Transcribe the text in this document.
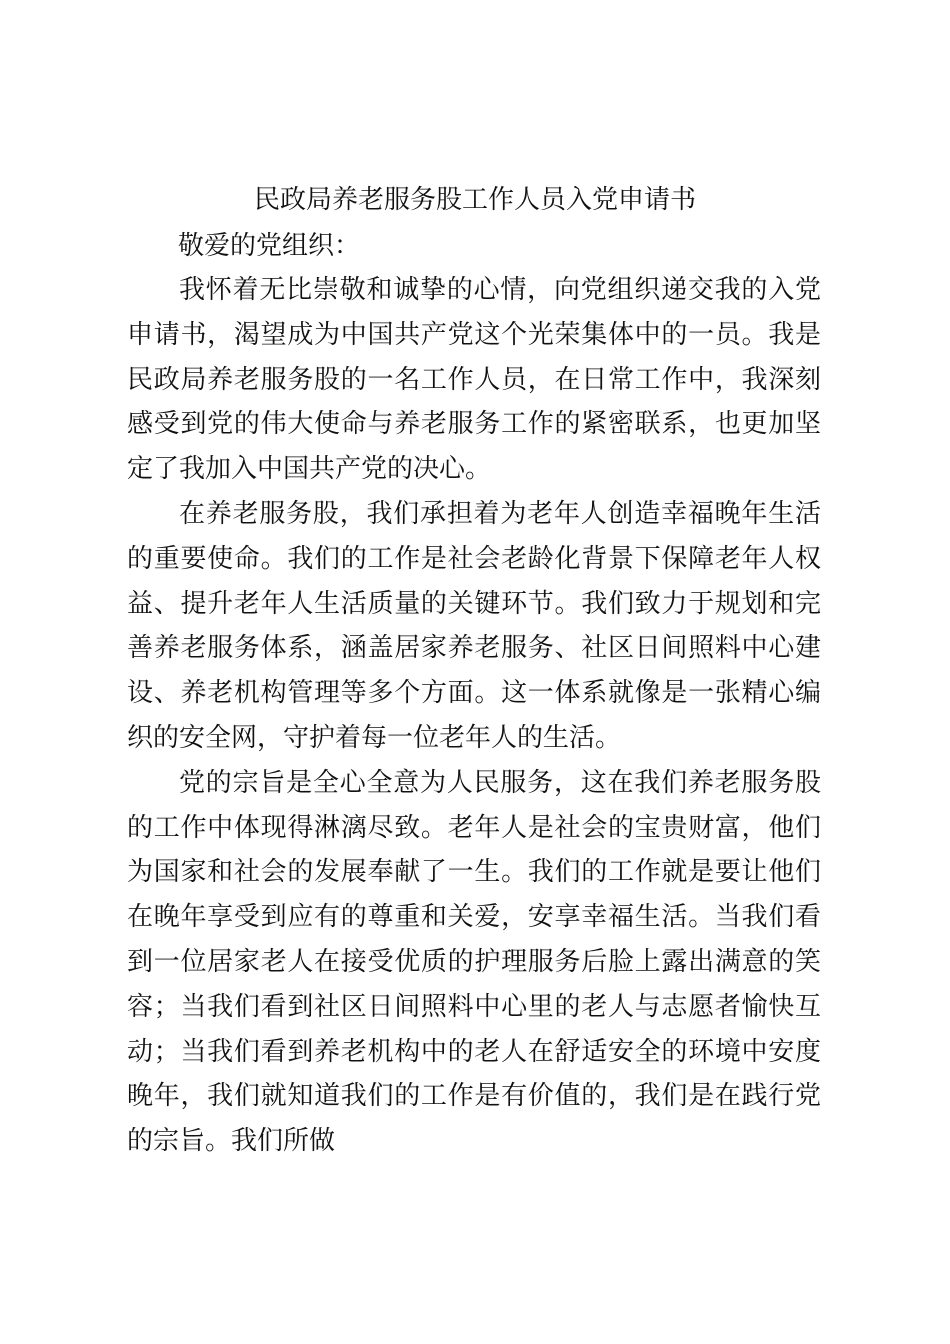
民政局养老服务股工作人员入党申请书

敬爱的党组织：

我怀着无比崇敬和诚挚的心情，向党组织递交我的入党申请书，渴望成为中国共产党这个光荣集体中的一员。我是民政局养老服务股的一名工作人员，在日常工作中，我深刻感受到党的伟大使命与养老服务工作的紧密联系，也更加坚定了我加入中国共产党的决心。

在养老服务股，我们承担着为老年人创造幸福晚年生活的重要使命。我们的工作是社会老龄化背景下保障老年人权益、提升老年人生活质量的关键环节。我们致力于规划和完善养老服务体系，涵盖居家养老服务、社区日间照料中心建设、养老机构管理等多个方面。这一体系就像是一张精心编织的安全网，守护着每一位老年人的生活。

党的宗旨是全心全意为人民服务，这在我们养老服务股的工作中体现得淋漓尽致。老年人是社会的宝贵财富，他们为国家和社会的发展奉献了一生。我们的工作就是要让他们在晚年享受到应有的尊重和关爱，安享幸福生活。当我们看到一位居家老人在接受优质的护理服务后脸上露出满意的笑容；当我们看到社区日间照料中心里的老人与志愿者愉快互动；当我们看到养老机构中的老人在舒适安全的环境中安度晚年，我们就知道我们的工作是有价值的，我们是在践行党的宗旨。我们所做
